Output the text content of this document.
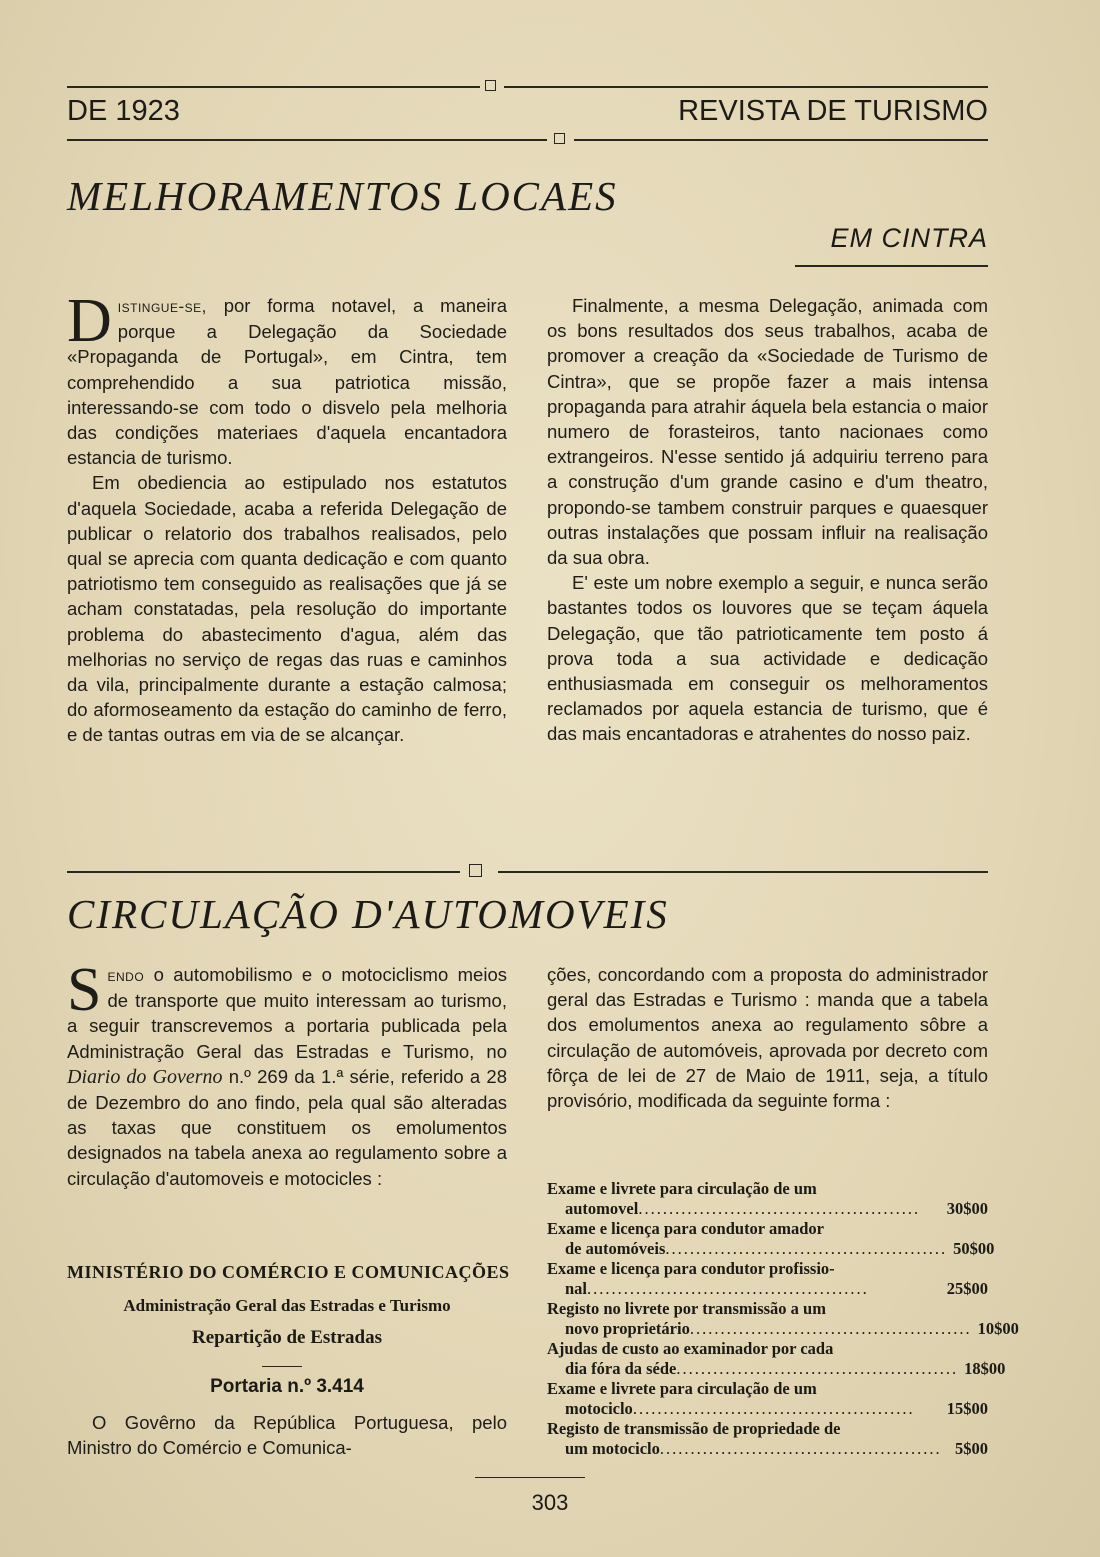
DE 1923	REVISTA DE TURISMO
MELHORAMENTOS LOCAES
EM CINTRA

Distingue-se, por forma notavel, a maneira porque a Delegação da Sociedade «Propaganda de Portugal», em Cintra, tem comprehendido a sua patriotica missão, interessando-se com todo o disvelo pela melhoria das condições materiaes d'aquela encantadora estancia de turismo.

Em obediencia ao estipulado nos estatutos d'aquela Sociedade, acaba a referida Delegação de publicar o relatorio dos trabalhos realisados, pelo qual se aprecia com quanta dedicação e com quanto patriotismo tem conseguido as realisações que já se acham constatadas, pela resolução do importante problema do abastecimento d'agua, além das melhorias no serviço de regas das ruas e caminhos da vila, principalmente durante a estação calmosa; do aformoseamento da estação do caminho de ferro, e de tantas outras em via de se alcançar.

Finalmente, a mesma Delegação, animada com os bons resultados dos seus trabalhos, acaba de promover a creação da «Sociedade de Turismo de Cintra», que se propõe fazer a mais intensa propaganda para atrahir áquela bela estancia o maior numero de forasteiros, tanto nacionaes como extrangeiros. N'esse sentido já adquiriu terreno para a construção d'um grande casino e d'um theatro, propondo-se tambem construir parques e quaesquer outras instalações que possam influir na realisação da sua obra.

E' este um nobre exemplo a seguir, e nunca serão bastantes todos os louvores que se teçam áquela Delegação, que tão patrioticamente tem posto á prova toda a sua actividade e dedicação enthusiasmada em conseguir os melhoramentos reclamados por aquela estancia de turismo, que é das mais encantadoras e atrahentes do nosso paiz.

CIRCULAÇÃO D'AUTOMOVEIS

Sendo o automobilismo e o motociclismo meios de transporte que muito interessam ao turismo, a seguir transcrevemos a portaria publicada pela Administração Geral das Estradas e Turismo, no Diario do Governo n.º 269 da 1.ª série, referido a 28 de Dezembro do ano findo, pela qual são alteradas as taxas que constituem os emolumentos designados na tabela anexa ao regulamento sobre a circulação d'automoveis e motocicles :

MINISTÉRIO DO COMÉRCIO E COMUNICAÇÕES
Administração Geral das Estradas e Turismo
Repartição de Estradas
Portaria n.º 3.414

O Govêrno da República Portuguesa, pelo Ministro do Comércio e Comunica-

ções, concordando com a proposta do administrador geral das Estradas e Turismo : manda que a tabela dos emolumentos anexa ao regulamento sôbre a circulação de automóveis, aprovada por decreto com fôrça de lei de 27 de Maio de 1911, seja, a título provisório, modificada da seguinte forma :

Exame e livrete para circulação de um
automovel ..............................................	30$00
Exame e licença para condutor amador
de automóveis .............................................. 50$00
Exame e licença para condutor profissio-
nal ..............................................	25$00
Registo no livrete por transmissão a um
novo proprietário .............................................. 10$00
Ajudas de custo ao examinador por cada
dia fóra da séde .............................................. 18$00
Exame e livrete para circulação de um
motociclo ..............................................	15$00
Registo de transmissão de propriedade de
um motociclo .............................................. 5$00
303
